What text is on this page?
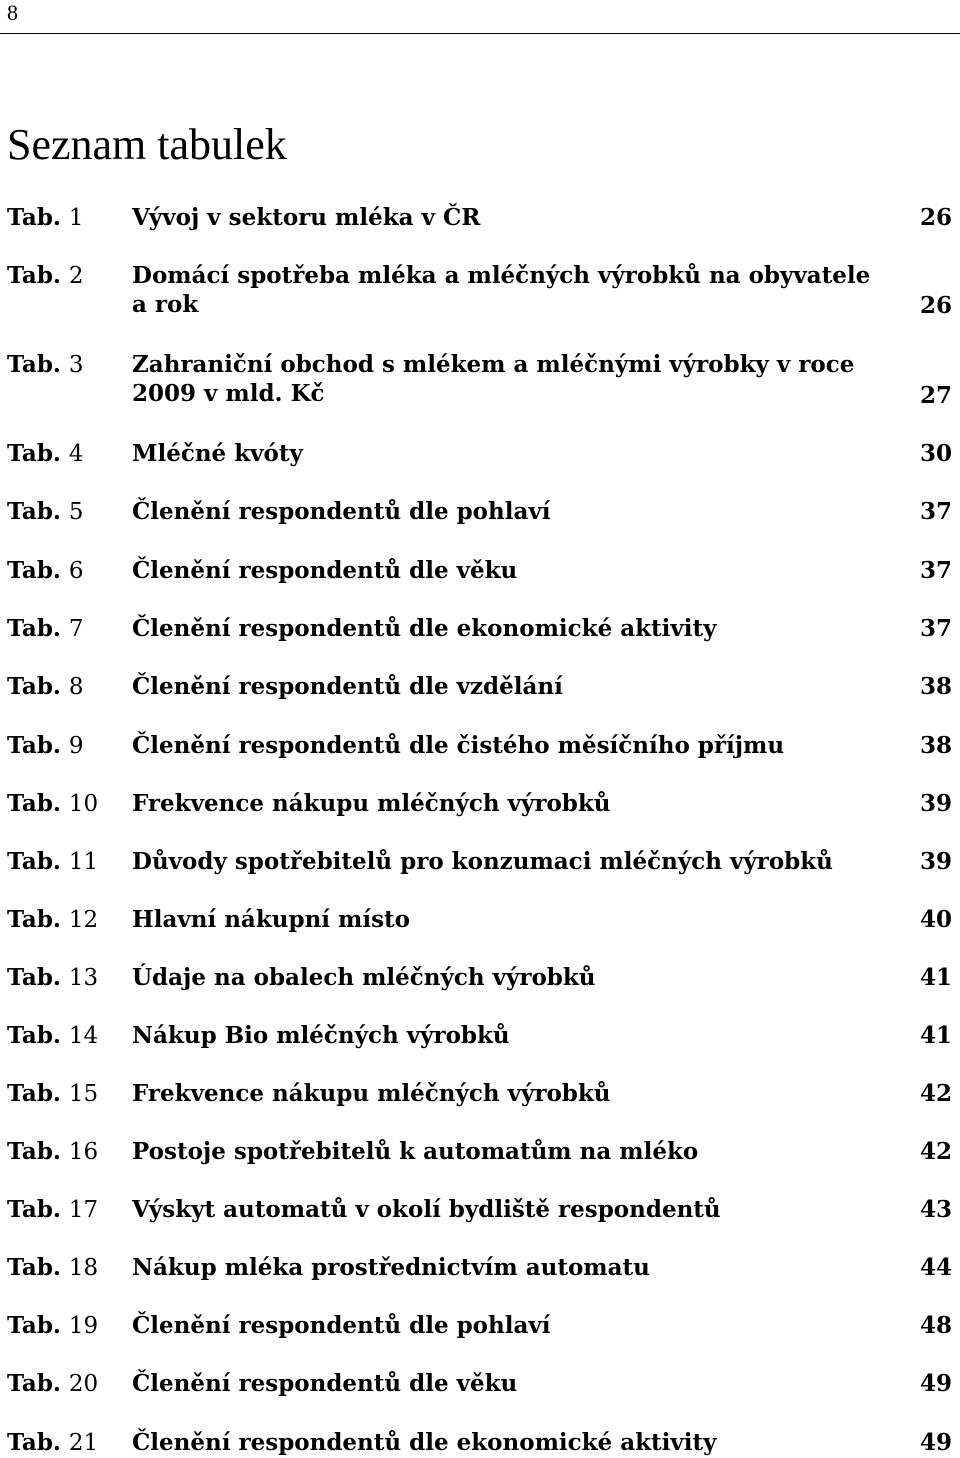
8
Seznam tabulek
Tab. 1 Vývoj v sektoru mléka v ČR	26
Tab. 2 Domácí spotřeba mléka a mléčných výrobků na obyvatele a rok	26
Tab. 3 Zahraniční obchod s mlékem a mléčnými výrobky v roce 2009 v mld. Kč	27
Tab. 4 Mléčné kvóty	30
Tab. 5 Členění respondentů dle pohlaví	37
Tab. 6 Členění respondentů dle věku	37
Tab. 7 Členění respondentů dle ekonomické aktivity	37
Tab. 8 Členění respondentů dle vzdělání	38
Tab. 9 Členění respondentů dle čistého měsíčního příjmu	38
Tab. 10 Frekvence nákupu mléčných výrobků	39
Tab. 11 Důvody spotřebitelů pro konzumaci mléčných výrobků	39
Tab. 12 Hlavní nákupní místo	40
Tab. 13 Údaje na obalech mléčných výrobků	41
Tab. 14 Nákup Bio mléčných výrobků	41
Tab. 15 Frekvence nákupu mléčných výrobků	42
Tab. 16 Postoje spotřebitelů k automatům na mléko	42
Tab. 17 Výskyt automatů v okolí bydliště respondentů	43
Tab. 18 Nákup mléka prostřednictvím automatu	44
Tab. 19 Členění respondentů dle pohlaví	48
Tab. 20 Členění respondentů dle věku	49
Tab. 21 Členění respondentů dle ekonomické aktivity	49
